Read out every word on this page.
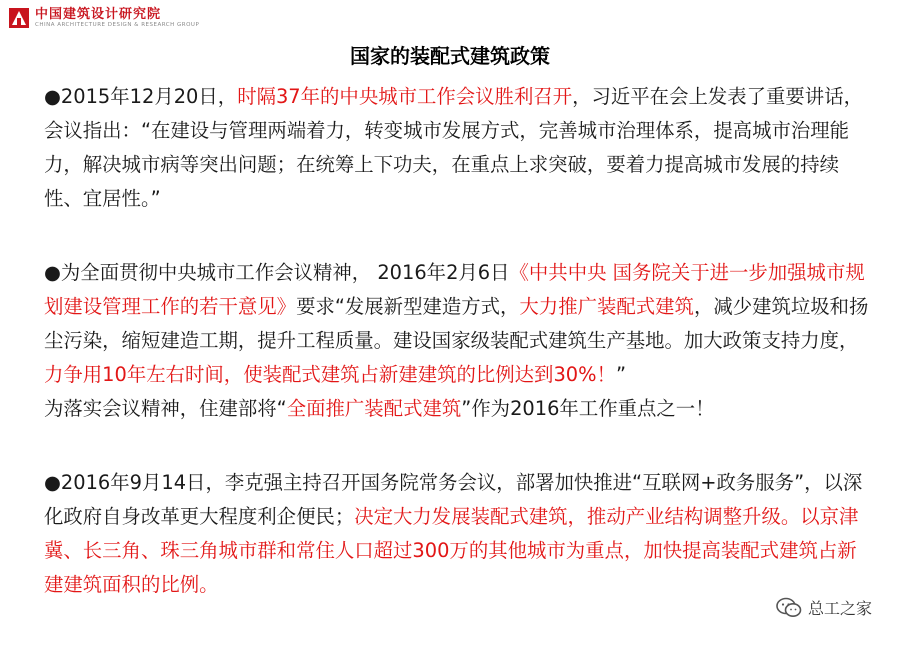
中国建筑设计研究院
CHINA ARCHITECTURE DESIGN & RESEARCH GROUP
国家的装配式建筑政策

●2015年12月20日，时隔37年的中央城市工作会议胜利召开，习近平在会上发表了重要讲话，会议指出：“在建设与管理两端着力，转变城市发展方式，完善城市治理体系，提高城市治理能力，解决城市病等突出问题；在统筹上下功夫，在重点上求突破，要着力提高城市发展的持续性、宜居性。”

●为全面贯彻中央城市工作会议精神， 2016年2月6日《中共中央 国务院关于进一步加强城市规划建设管理工作的若干意见》要求“发展新型建造方式，大力推广装配式建筑，减少建筑垃圾和扬尘污染，缩短建造工期，提升工程质量。建设国家级装配式建筑生产基地。加大政策支持力度，力争用10年左右时间，使装配式建筑占新建建筑的比例达到30%！”

为落实会议精神，住建部将“全面推广装配式建筑”作为2016年工作重点之一！

●2016年9月14日，李克强主持召开国务院常务会议，部署加快推进“互联网+政务服务”，以深化政府自身改革更大程度利企便民；决定大力发展装配式建筑，推动产业结构调整升级。以京津冀、长三角、珠三角城市群和常住人口超过300万的其他城市为重点，加快提高装配式建筑占新建建筑面积的比例。

总工之家
